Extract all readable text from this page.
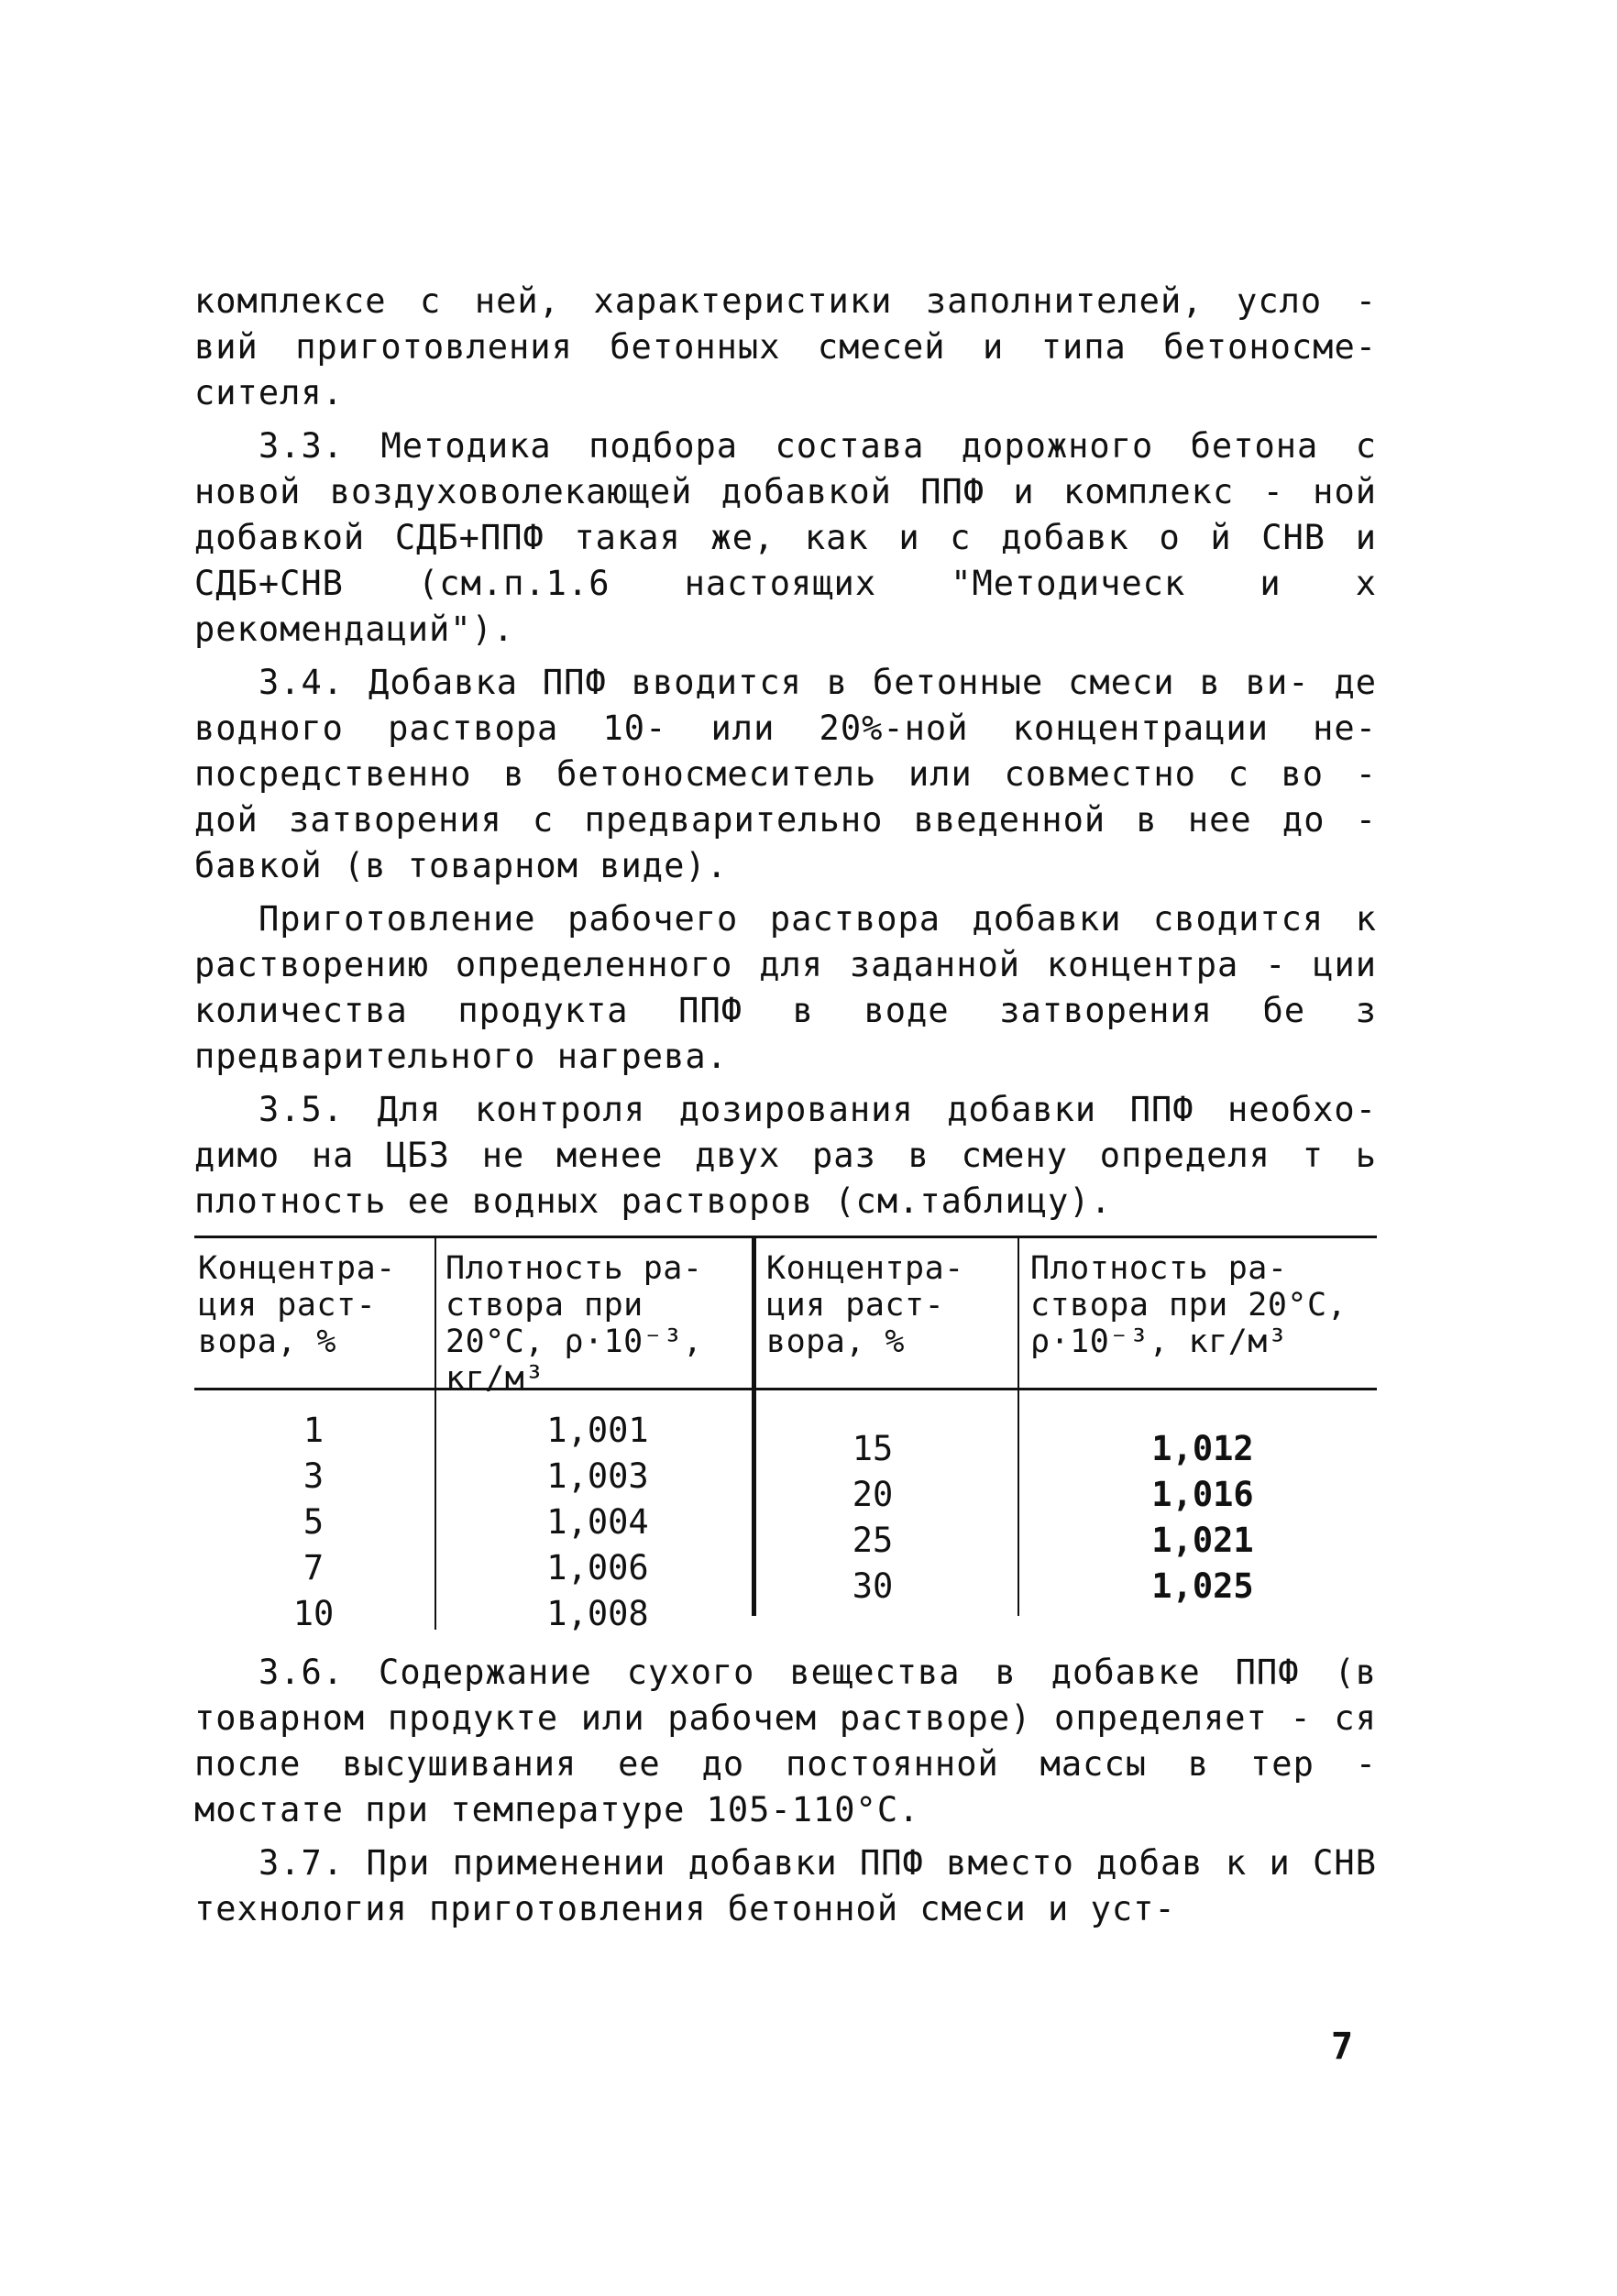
комплексе с ней, характеристики заполнителей, усло - вий приготовления бетонных смесей и типа бетоносме- сителя.

3.3. Методика подбора состава дорожного бетона с новой воздуховолекающей добавкой ППФ и комплекс - ной добавкой СДБ+ППФ такая же, как и с добавк о й СНВ и СДБ+СНВ (см.п.1.6 настоящих "Методическ и х рекомендаций").

3.4. Добавка ППФ вводится в бетонные смеси в ви- де водного раствора 10- или 20%-ной концентрации не- посредственно в бетоносмеситель или совместно с во - дой затворения с предварительно введенной в нее до - бавкой (в товарном виде).

Приготовление рабочего раствора добавки сводится к растворению определенного для заданной концентра - ции количества продукта ППФ в воде затворения бе з предварительного нагрева.

3.5. Для контроля дозирования добавки ППФ необхо- димо на ЦБЗ не менее двух раз в смену определя т ь плотность ее водных растворов (см.таблицу).

Концентра- ция раст- вора, %
Плотность ра- створа при 20°С, ρ·10⁻³, кг/м³
Концентра- ция раст- вора, %
Плотность ра- створа при 20°С, ρ·10⁻³, кг/м³
1
3
5
7
10
1,001
1,003
1,004
1,006
1,008
15
20
25
30
1,012
1,016
1,021
1,025

3.6. Содержание сухого вещества в добавке ППФ (в товарном продукте или рабочем растворе) определяет - ся после высушивания ее до постоянной массы в тер - мостате при температуре 105-110°С.

3.7. При применении добавки ППФ вместо добав к и СНВ технология приготовления бетонной смеси и уст-

7
